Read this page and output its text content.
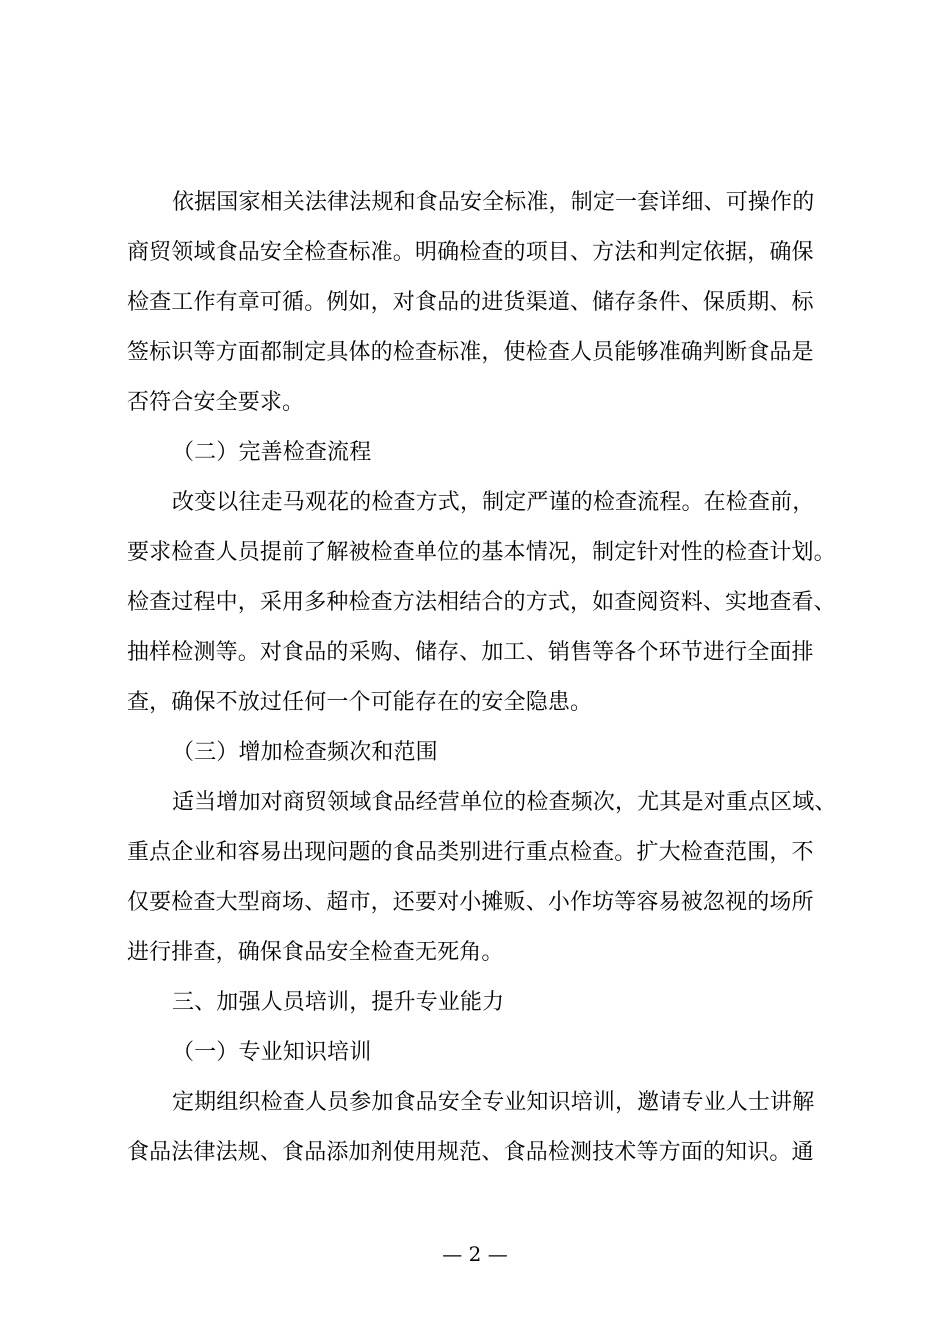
依据国家相关法律法规和食品安全标准，制定一套详细、可操作的
商贸领域食品安全检查标准。明确检查的项目、方法和判定依据，确保
检查工作有章可循。例如，对食品的进货渠道、储存条件、保质期、标
签标识等方面都制定具体的检查标准，使检查人员能够准确判断食品是
否符合安全要求。
（二）完善检查流程
改变以往走马观花的检查方式，制定严谨的检查流程。在检查前，
要求检查人员提前了解被检查单位的基本情况，制定针对性的检查计划。
检查过程中，采用多种检查方法相结合的方式，如查阅资料、实地查看、
抽样检测等。对食品的采购、储存、加工、销售等各个环节进行全面排
查，确保不放过任何一个可能存在的安全隐患。
（三）增加检查频次和范围
适当增加对商贸领域食品经营单位的检查频次，尤其是对重点区域、
重点企业和容易出现问题的食品类别进行重点检查。扩大检查范围，不
仅要检查大型商场、超市，还要对小摊贩、小作坊等容易被忽视的场所
进行排查，确保食品安全检查无死角。
三、加强人员培训，提升专业能力
（一）专业知识培训
定期组织检查人员参加食品安全专业知识培训，邀请专业人士讲解
食品法律法规、食品添加剂使用规范、食品检测技术等方面的知识。通
— 2 —
